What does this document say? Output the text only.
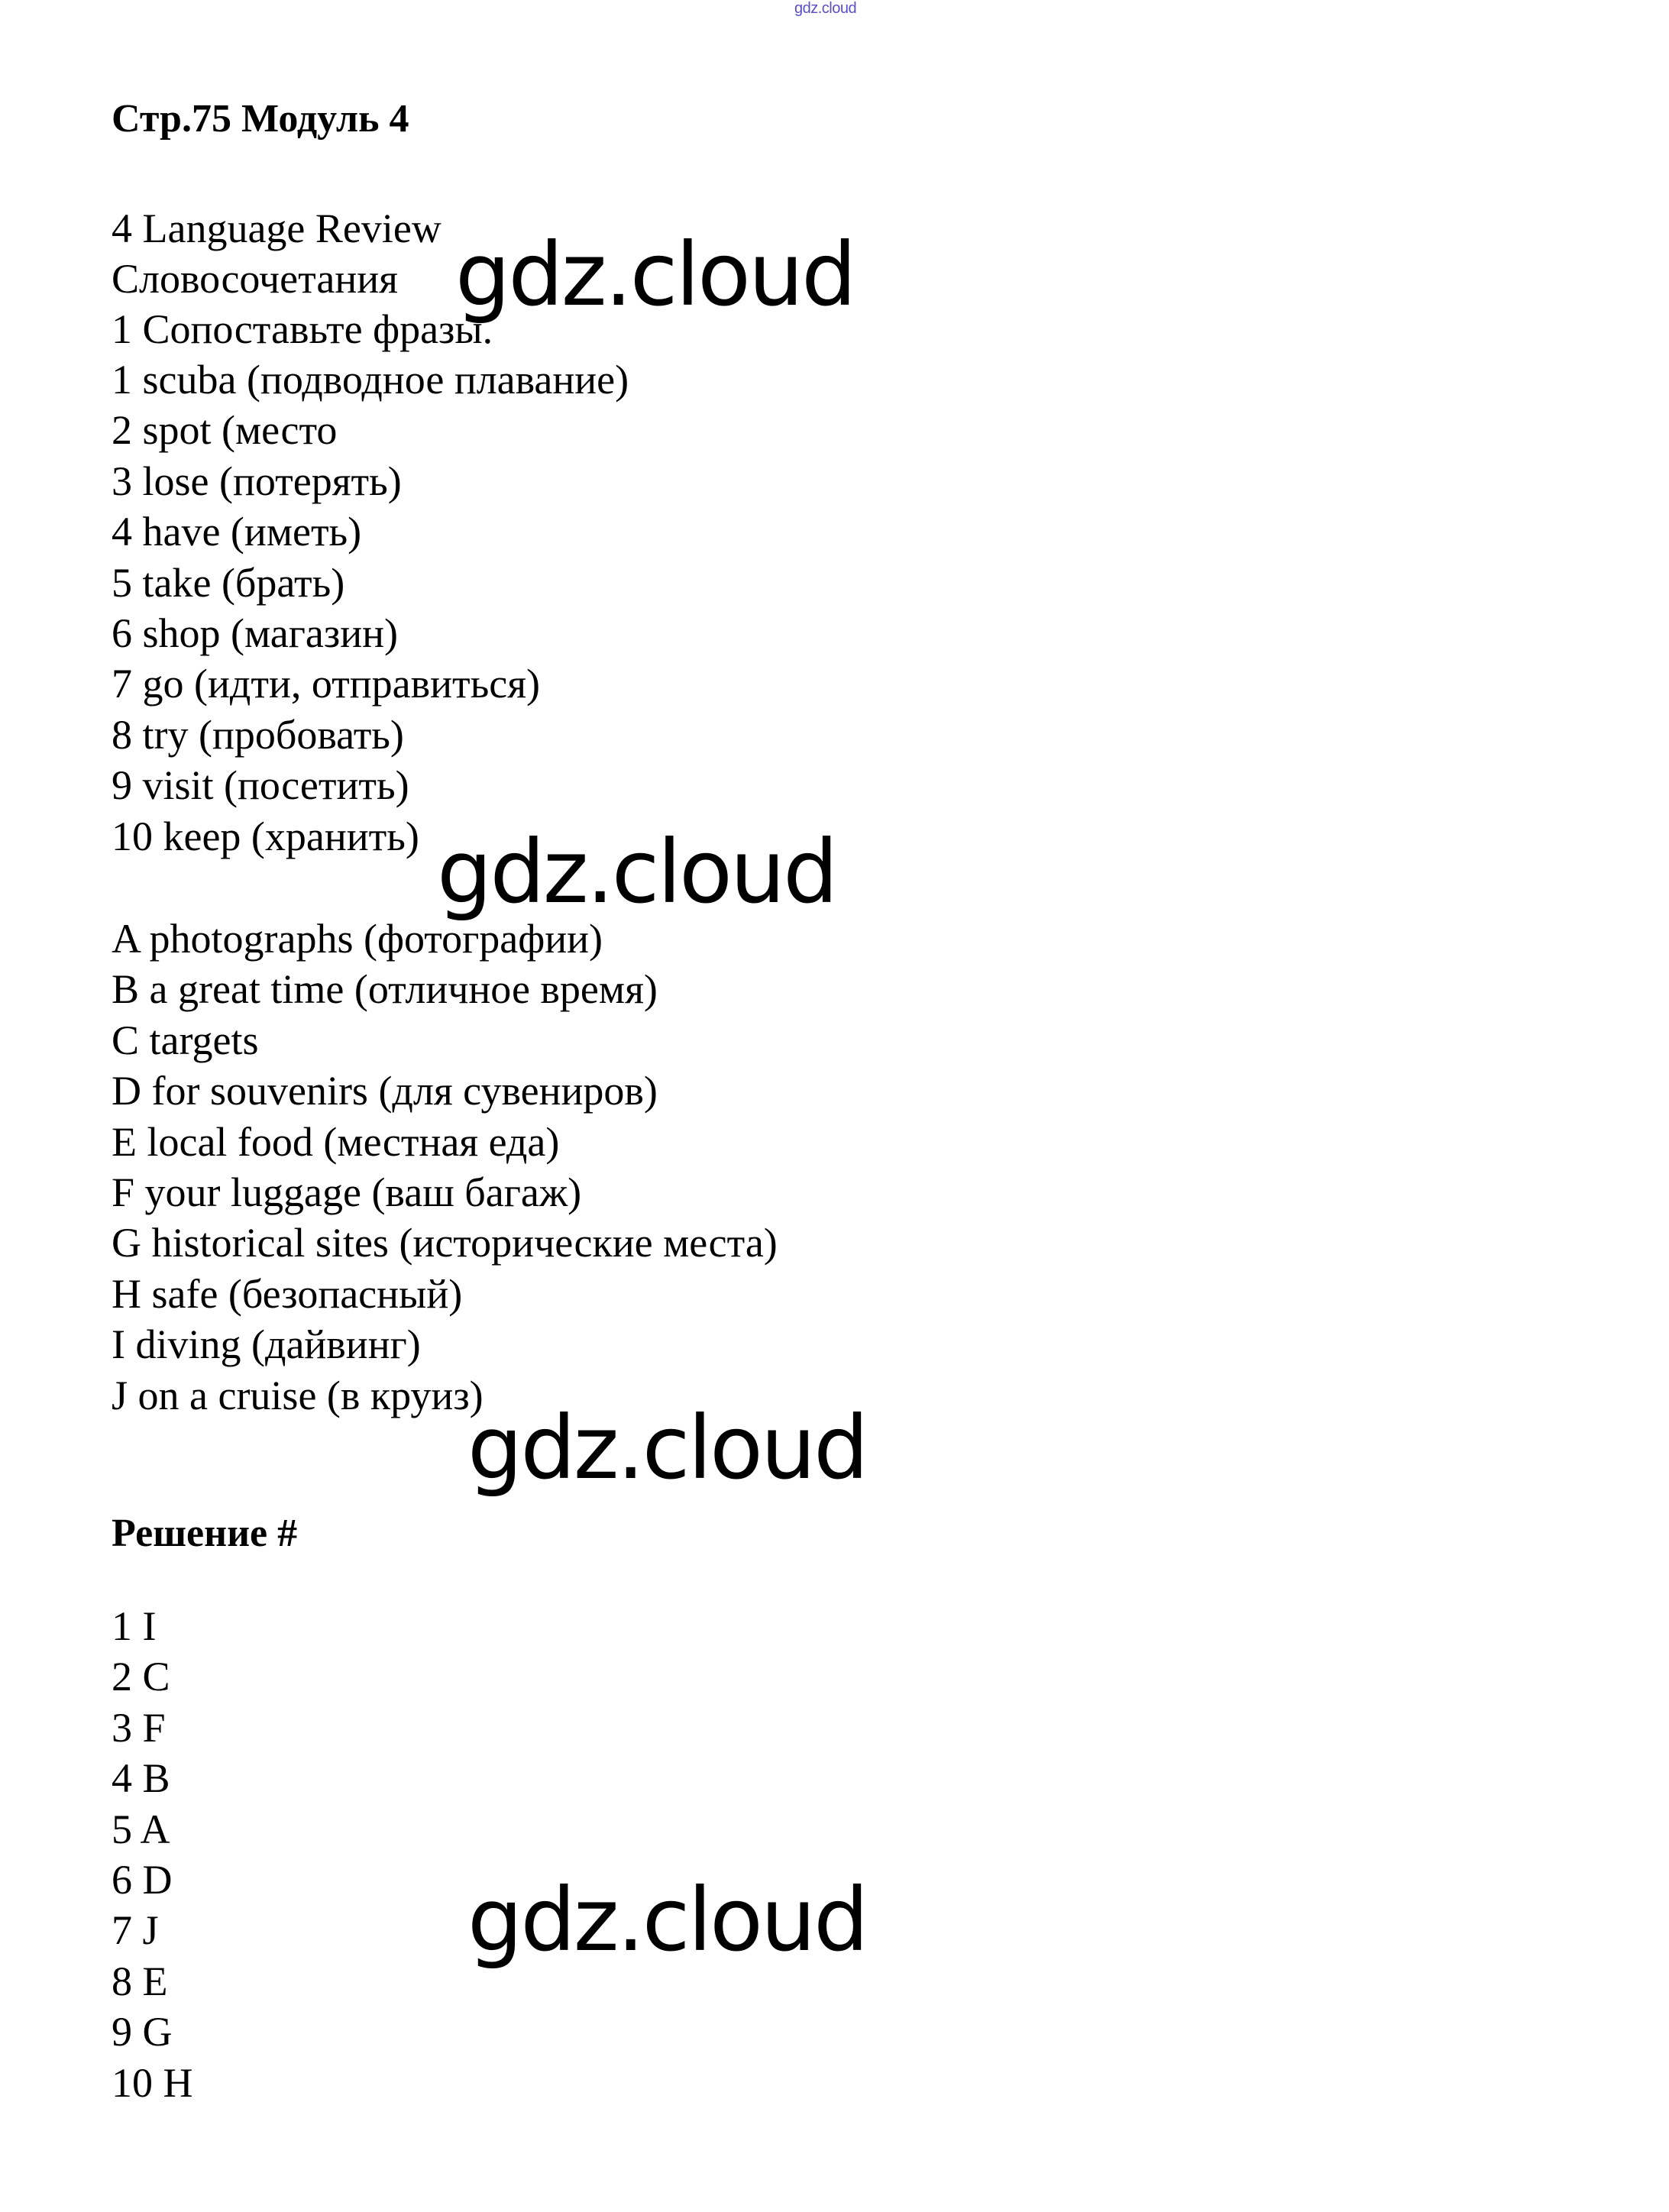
gdz.cloud
Стр.75 Модуль 4
4 Language Review
Словосочетания
1 Сопоставьте фразы.
1 scuba (подводное плавание)
2 spot (место
3 lose (потерять)
4 have (иметь)
5 take (брать)
6 shop (магазин)
7 go (идти, отправиться)
8 try (пробовать)
9 visit (посетить)
10 keep (хранить)
A photographs (фотографии)
B a great time (отличное время)
C targets
D for souvenirs (для сувениров)
E local food (местная еда)
F your luggage (ваш багаж)
G historical sites (исторические места)
H safe (безопасный)
I diving (дайвинг)
J on a cruise (в круиз)
Решение #
1 I
2 C
3 F
4 B
5 A
6 D
7 J
8 E
9 G
10 H
gdz.cloud
gdz.cloud
gdz.cloud
gdz.cloud
